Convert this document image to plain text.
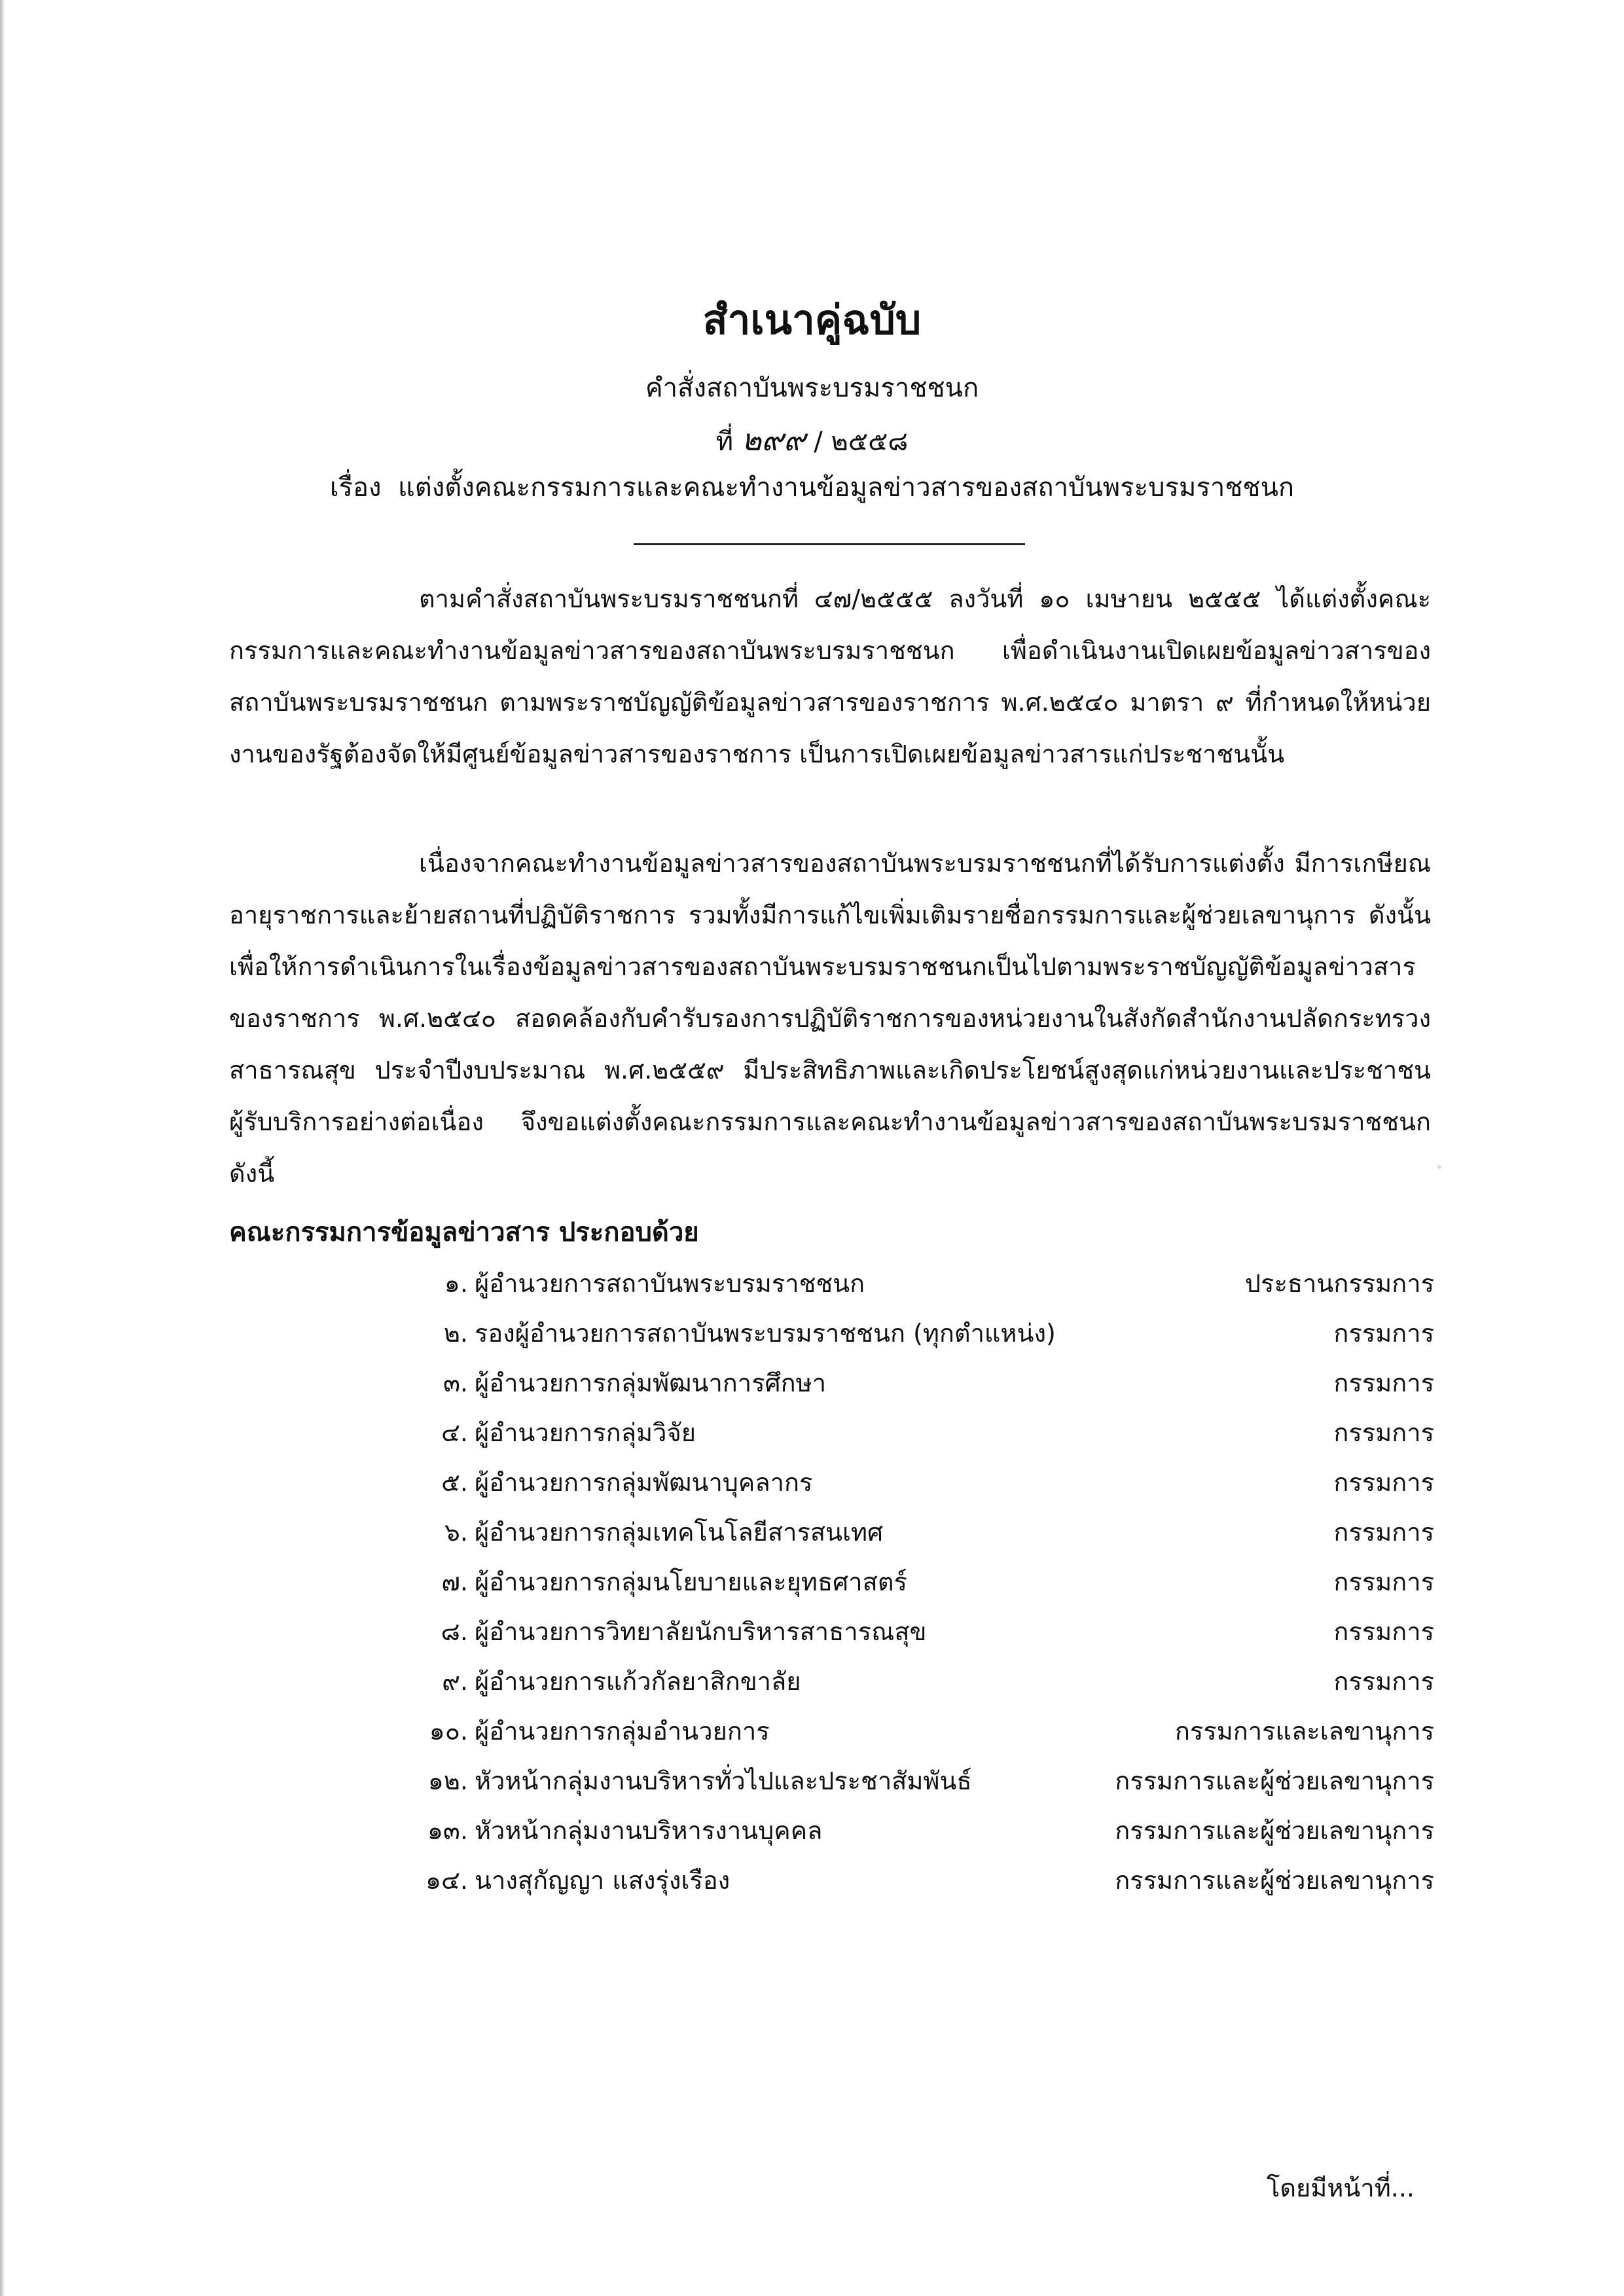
สำเนาคู่ฉบับ
คำสั่งสถาบันพระบรมราชชนก
ที่ ๒๙๙ / ๒๕๕๘
เรื่อง แต่งตั้งคณะกรรมการและคณะทำงานข้อมูลข่าวสารของสถาบันพระบรมราชชนก
ตามคำสั่งสถาบันพระบรมราชชนกที่ ๔๗/๒๕๕๕ ลงวันที่ ๑๐ เมษายน ๒๕๕๕ ได้แต่งตั้งคณะกรรมการและคณะทำงานข้อมูลข่าวสารของสถาบันพระบรมราชชนก เพื่อดำเนินงานเปิดเผยข้อมูลข่าวสารของสถาบันพระบรมราชชนก ตามพระราชบัญญัติข้อมูลข่าวสารของราชการ พ.ศ.๒๕๔๐ มาตรา ๙ ที่กำหนดให้หน่วยงานของรัฐต้องจัดให้มีศูนย์ข้อมูลข่าวสารของราชการ เป็นการเปิดเผยข้อมูลข่าวสารแก่ประชาชนนั้น
เนื่องจากคณะทำงานข้อมูลข่าวสารของสถาบันพระบรมราชชนกที่ได้รับการแต่งตั้ง มีการเกษียณอายุราชการและย้ายสถานที่ปฏิบัติราชการ รวมทั้งมีการแก้ไขเพิ่มเติมรายชื่อกรรมการและผู้ช่วยเลขานุการ ดังนั้น เพื่อให้การดำเนินการในเรื่องข้อมูลข่าวสารของสถาบันพระบรมราชชนกเป็นไปตามพระราชบัญญัติข้อมูลข่าวสารของราชการ พ.ศ.๒๕๔๐ สอดคล้องกับคำรับรองการปฏิบัติราชการของหน่วยงานในสังกัดสำนักงานปลัดกระทรวงสาธารณสุข ประจำปีงบประมาณ พ.ศ.๒๕๕๙ มีประสิทธิภาพและเกิดประโยชน์สูงสุดแก่หน่วยงานและประชาชนผู้รับบริการอย่างต่อเนื่อง จึงขอแต่งตั้งคณะกรรมการและคณะทำงานข้อมูลข่าวสารของสถาบันพระบรมราชชนก ดังนี้
คณะกรรมการข้อมูลข่าวสาร ประกอบด้วย
๑. ผู้อำนวยการสถาบันพระบรมราชชนก	ประธานกรรมการ
๒. รองผู้อำนวยการสถาบันพระบรมราชชนก (ทุกตำแหน่ง)	กรรมการ
๓. ผู้อำนวยการกลุ่มพัฒนาการศึกษา	กรรมการ
๔. ผู้อำนวยการกลุ่มวิจัย	กรรมการ
๕. ผู้อำนวยการกลุ่มพัฒนาบุคลากร	กรรมการ
๖. ผู้อำนวยการกลุ่มเทคโนโลยีสารสนเทศ	กรรมการ
๗. ผู้อำนวยการกลุ่มนโยบายและยุทธศาสตร์	กรรมการ
๘. ผู้อำนวยการวิทยาลัยนักบริหารสาธารณสุข	กรรมการ
๙. ผู้อำนวยการแก้วกัลยาสิกขาลัย	กรรมการ
๑๐. ผู้อำนวยการกลุ่มอำนวยการ	กรรมการและเลขานุการ
๑๒. หัวหน้ากลุ่มงานบริหารทั่วไปและประชาสัมพันธ์	กรรมการและผู้ช่วยเลขานุการ
๑๓. หัวหน้ากลุ่มงานบริหารงานบุคคล	กรรมการและผู้ช่วยเลขานุการ
๑๔. นางสุกัญญา แสงรุ่งเรือง	กรรมการและผู้ช่วยเลขานุการ
โดยมีหน้าที่...
